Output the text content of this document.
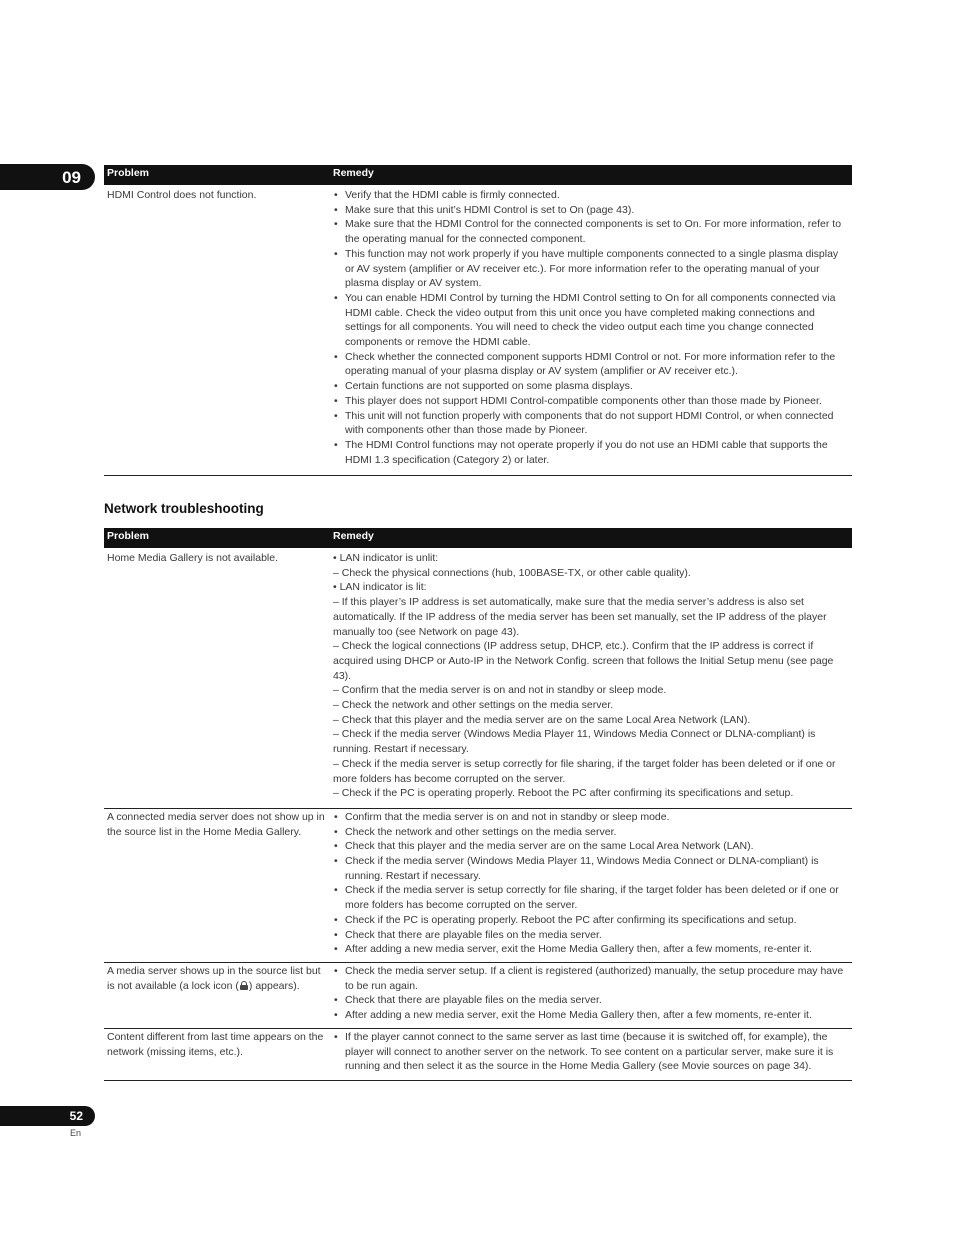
09	Problem	Remedy
HDMI Control does not function.
•	Verify that the HDMI cable is firmly connected.
• Make sure that this unit’s HDMI Control is set to On (page 43).
• Make sure that the HDMI Control for the connected components is set to On. For more information, refer to the operating manual for the connected component.
• This function may not work properly if you have multiple components connected to a single plasma display or AV system (amplifier or AV receiver etc.). For more information refer to the operating manual of your plasma display or AV system.
• You can enable HDMI Control by turning the HDMI Control setting to On for all components connected via HDMI cable. Check the video output from this unit once you have completed making connections and settings for all components. You will need to check the video output each time you change connected components or remove the HDMI cable.
• Check whether the connected component supports HDMI Control or not. For more information refer to the operating manual of your plasma display or AV system (amplifier or AV receiver etc.).
• Certain functions are not supported on some plasma displays.
• This player does not support HDMI Control-compatible components other than those made by Pioneer.
• This unit will not function properly with components that do not support HDMI Control, or when connected with components other than those made by Pioneer.
• The HDMI Control functions may not operate properly if you do not use an HDMI cable that supports the HDMI 1.3 specification (Category 2) or later.
Network troubleshooting
Problem	Remedy
Home Media Gallery is not available.	• LAN indicator is unlit:
– Check the physical connections (hub, 100BASE-TX, or other cable quality).
• LAN indicator is lit:
– If this player’s IP address is set automatically, make sure that the media server’s address is also set automatically. If the IP address of the media server has been set manually, set the IP address of the player manually too (see Network on page 43).
– Check the logical connections (IP address setup, DHCP, etc.). Confirm that the IP address is correct if acquired using DHCP or Auto-IP in the Network Config. screen that follows the Initial Setup menu (see page 43).
– Confirm that the media server is on and not in standby or sleep mode.
– Check the network and other settings on the media server.
– Check that this player and the media server are on the same Local Area Network (LAN).
– Check if the media server (Windows Media Player 11, Windows Media Connect or DLNA-compliant) is running. Restart if necessary.
– Check if the media server is setup correctly for file sharing, if the target folder has been deleted or if one or more folders has become corrupted on the server.
– Check if the PC is operating properly. Reboot the PC after confirming its specifications and setup.
A connected media server does not show up in the source list in the Home Media Gallery.
• Confirm that the media server is on and not in standby or sleep mode.
• Check the network and other settings on the media server.
• Check that this player and the media server are on the same Local Area Network (LAN).
• Check if the media server (Windows Media Player 11, Windows Media Connect or DLNA-compliant) is running. Restart if necessary.
• Check if the media server is setup correctly for file sharing, if the target folder has been deleted or if one or more folders has become corrupted on the server.
• Check if the PC is operating properly. Reboot the PC after confirming its specifications and setup.
• Check that there are playable files on the media server.
• After adding a new media server, exit the Home Media Gallery then, after a few moments, re-enter it.
A media server shows up in the source list but is not available (a lock icon ( ) appears).
• Check the media server setup. If a client is registered (authorized) manually, the setup procedure may have to be run again.
• Check that there are playable files on the media server.
• After adding a new media server, exit the Home Media Gallery then, after a few moments, re-enter it.
Content different from last time appears on the network (missing items, etc.).
• If the player cannot connect to the same server as last time (because it is switched off, for example), the player will connect to another server on the network. To see content on a particular server, make sure it is running and then select it as the source in the Home Media Gallery (see Movie sources on page 34).
52
En
